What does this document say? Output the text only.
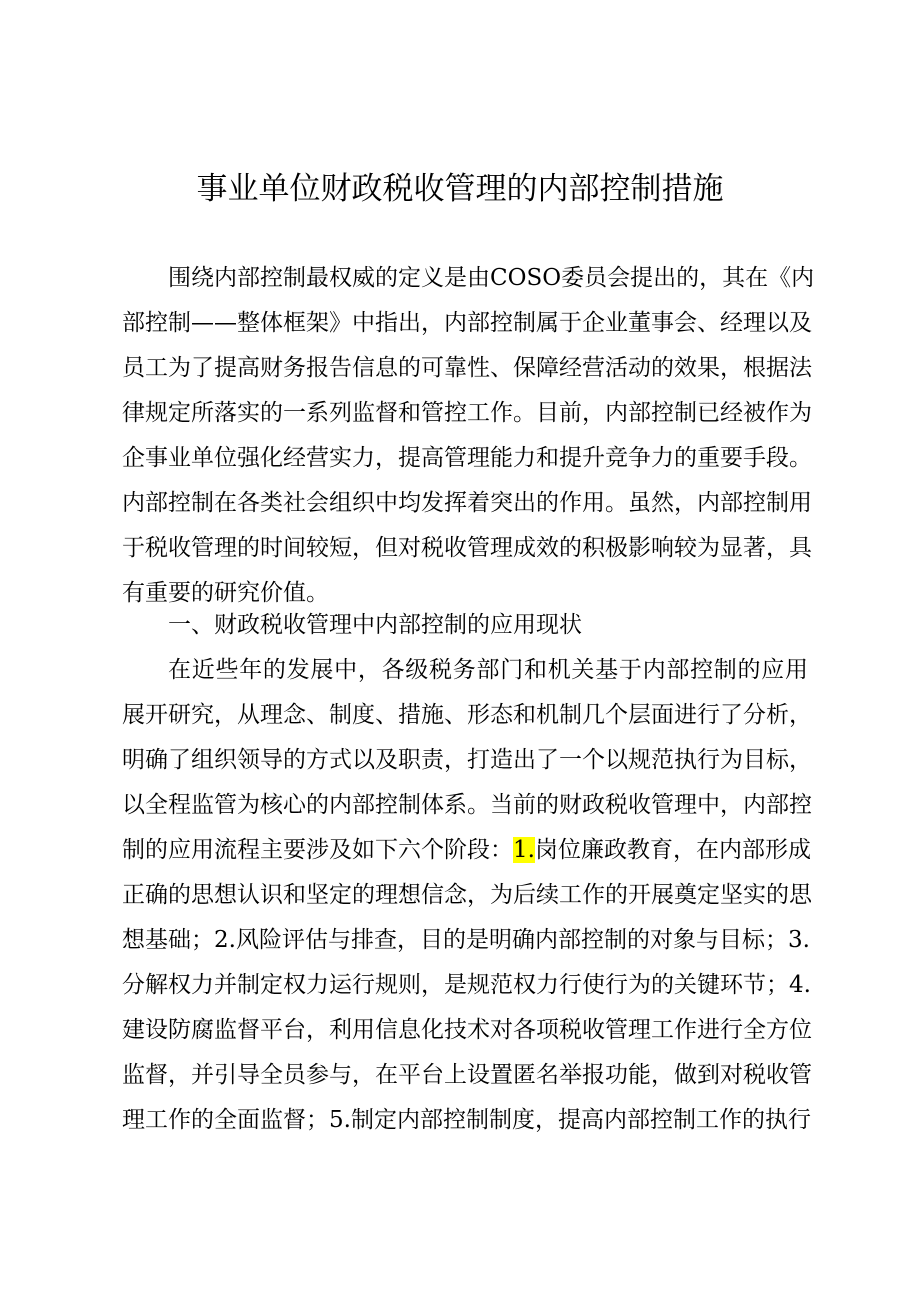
事业单位财政税收管理的内部控制措施
围绕内部控制最权威的定义是由COSO委员会提出的，其在《内
部控制——整体框架》中指出，内部控制属于企业董事会、经理以及
员工为了提高财务报告信息的可靠性、保障经营活动的效果，根据法
律规定所落实的一系列监督和管控工作。目前，内部控制已经被作为
企事业单位强化经营实力，提高管理能力和提升竞争力的重要手段。
内部控制在各类社会组织中均发挥着突出的作用。虽然，内部控制用
于税收管理的时间较短，但对税收管理成效的积极影响较为显著，具
有重要的研究价值。
一、财政税收管理中内部控制的应用现状
在近些年的发展中，各级税务部门和机关基于内部控制的应用
展开研究，从理念、制度、措施、形态和机制几个层面进行了分析，
明确了组织领导的方式以及职责，打造出了一个以规范执行为目标，
以全程监管为核心的内部控制体系。当前的财政税收管理中，内部控
制的应用流程主要涉及如下六个阶段：1.岗位廉政教育，在内部形成
正确的思想认识和坚定的理想信念，为后续工作的开展奠定坚实的思
想基础；2.风险评估与排查，目的是明确内部控制的对象与目标；3.
分解权力并制定权力运行规则，是规范权力行使行为的关键环节；4.
建设防腐监督平台，利用信息化技术对各项税收管理工作进行全方位
监督，并引导全员参与，在平台上设置匿名举报功能，做到对税收管
理工作的全面监督；5.制定内部控制制度，提高内部控制工作的执行
